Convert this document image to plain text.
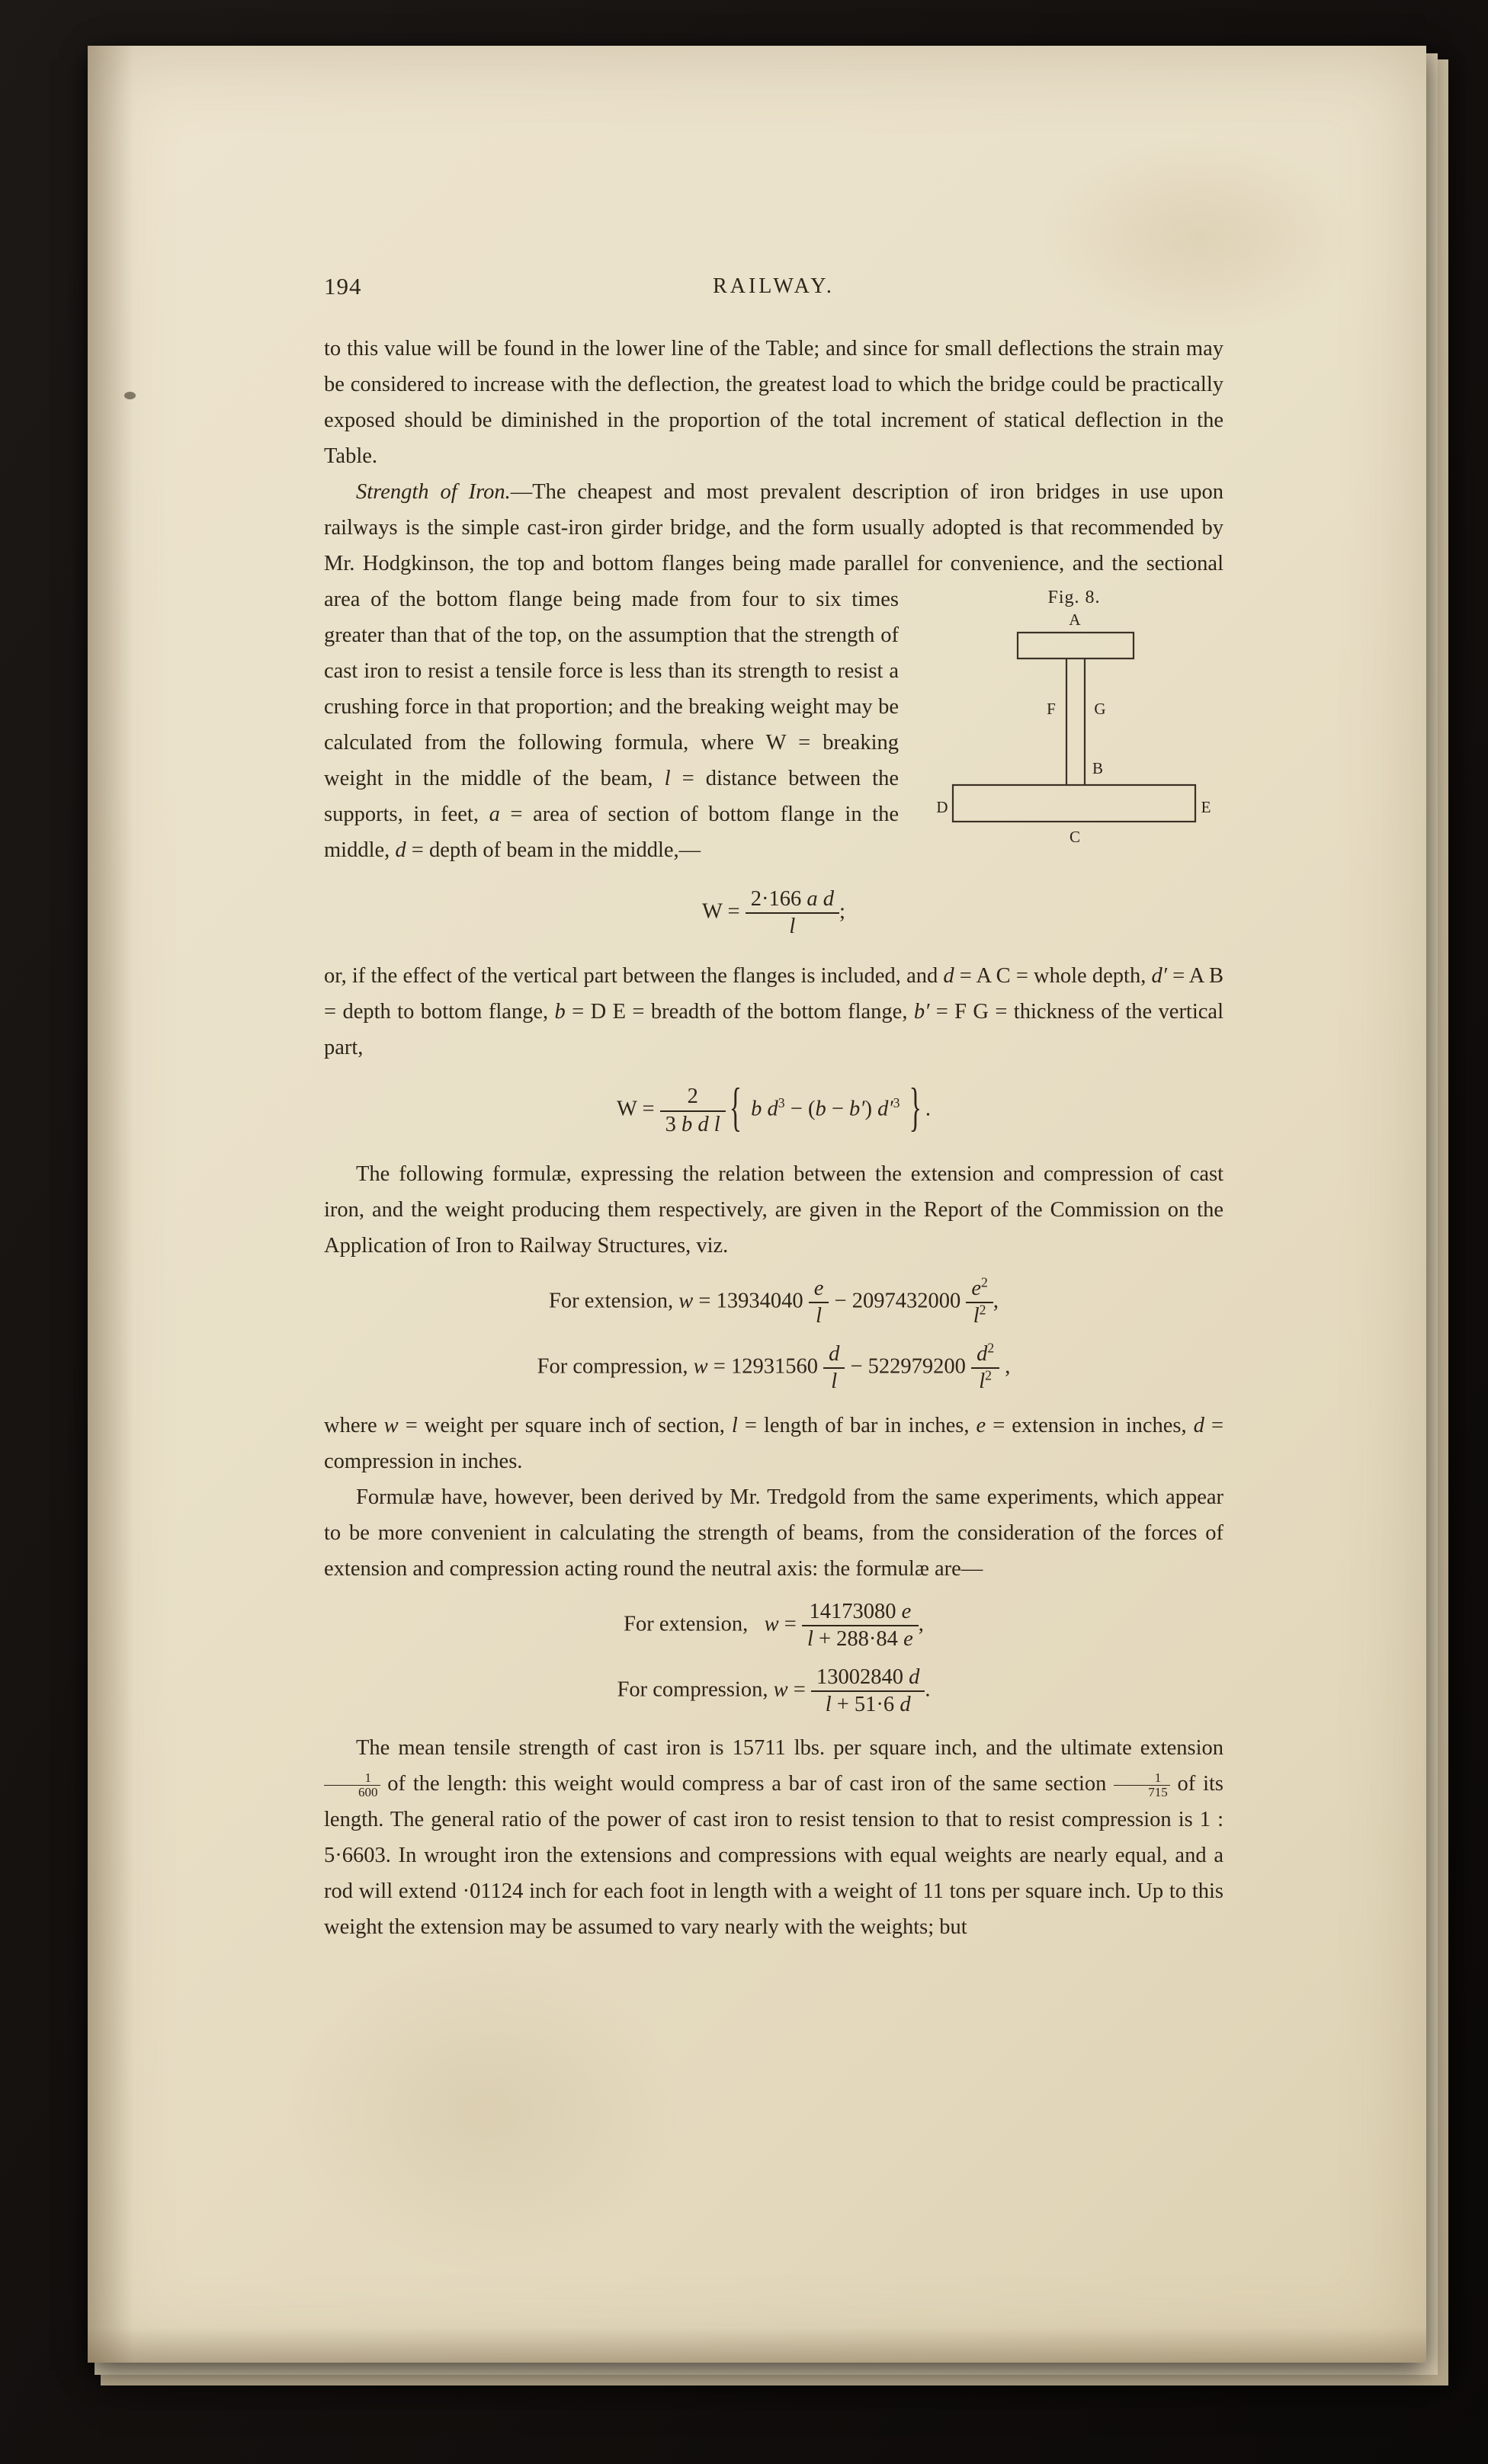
194	RAILWAY.
to this value will be found in the lower line of the Table; and since for small deflections the strain may be considered to increase with the deflection, the greatest load to which the bridge could be practically exposed should be diminished in the proportion of the total increment of statical deflection in the Table.
Strength of Iron.—The cheapest and most prevalent description of iron bridges in use upon railways is the simple cast-iron girder bridge, and the form usually adopted is that recommended by Mr. Hodgkinson, the top and bottom flanges being made parallel for convenience, and the sectional area of the bottom flange being made from	Fig. 8.
A
F G
B
D	E
C
four to six times greater than that of the top, on the assumption that the strength of cast iron to resist a tensile force is less than its strength to resist a crushing force in that proportion; and the breaking weight may be calculated from the following formula, where W = breaking weight in the middle of the beam, l = distance between the supports, in feet, a = area of section of bottom flange in the middle, d = depth of beam in the middle,—
$W = \frac{\text{2·166 a d}}{l}$ ;
or, if the effect of the vertical part between the flanges is included, and d = A C = whole depth, d′ = A B = depth to bottom flange, b = D E = breadth of the bottom flange, b′ = F G = thickness of the vertical part,
$W = \frac{2}{\text{3 b d l}}$ { b $d^3 - (b - b')$ $d'^3$ } .
The following formulæ, expressing the relation between the extension and compression of cast iron, and the weight producing them respectively, are given in the Report of the Commission on the Application of Iron to Railway Structures, viz.
For extension, $w = 13934040 \frac{e}{l} - 2097432000 \frac{e^2}{l^2}$ ,
For compression, $w = 12931560 \frac{d}{l} - 522979200 \frac{d^2}{l^2}$ ,
where w = weight per square inch of section, l = length of bar in inches, e = extension in inches, d = compression in inches.
Formulæ have, however, been derived by Mr. Tredgold from the same experiments, which appear to be more convenient in calculating the strength of beams, from the consideration of the forces of extension and compression acting round the neutral axis: the formulæ are—
For extension,  $w = \frac{14173080 e}{l + 288\cdot 84 e}$ ,
For compression, $w = \frac{13002840 d}{l + 51\cdot 6 d}$ .
The mean tensile strength of cast iron is 15711 lbs. per square inch, and the ultimate extension
$\frac{1}{600}$ of the length: this weight would compress a bar of cast iron of the same section $\frac{1}{715}$ of its length. The general ratio of the power of cast iron to resist tension to that to resist compression is 1 : 5·6603. In wrought iron the extensions and compressions with equal weights are nearly equal, and a rod will extend ·01124 inch for each foot in length with a weight of 11 tons per square inch. Up to this weight the extension may be assumed to vary nearly with the weights; but
